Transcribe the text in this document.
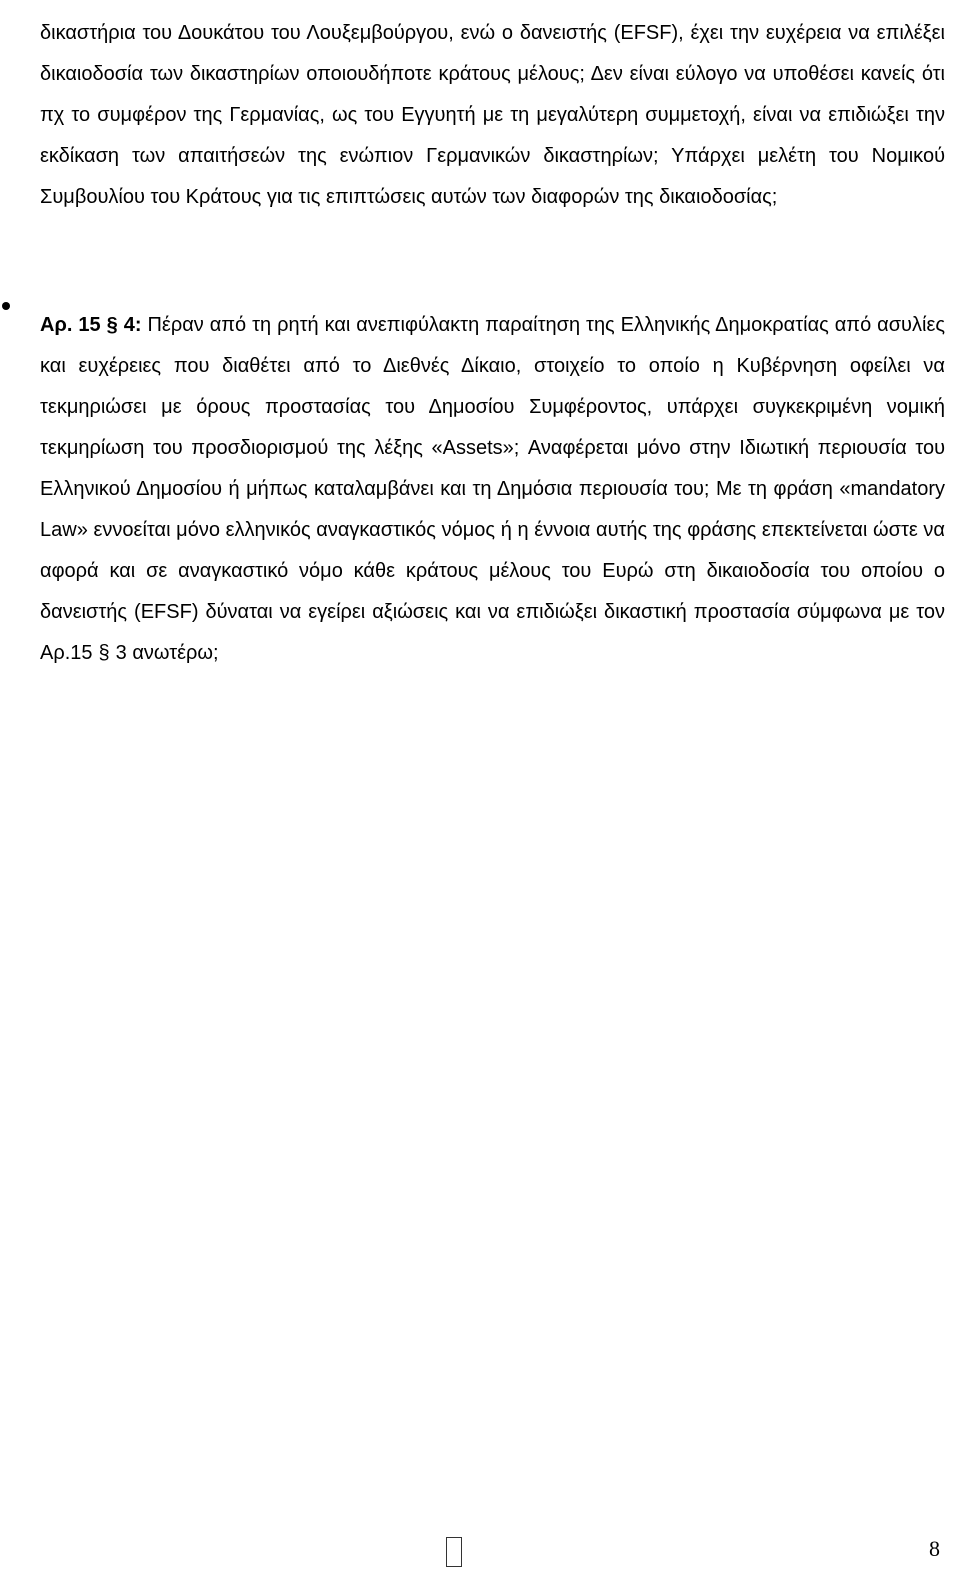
δικαστήρια του Δουκάτου του Λουξεμβούργου, ενώ ο δανειστής (EFSF), έχει την ευχέρεια να επιλέξει δικαιοδοσία των δικαστηρίων οποιουδήποτε κράτους μέλους; Δεν είναι εύλογο να υποθέσει κανείς ότι πχ το συμφέρον της Γερμανίας, ως του Εγγυητή με τη μεγαλύτερη συμμετοχή, είναι να επιδιώξει την εκδίκαση των απαιτήσεών της ενώπιον Γερμανικών δικαστηρίων; Υπάρχει μελέτη του Νομικού Συμβουλίου του Κράτους για τις επιπτώσεις αυτών των διαφορών της δικαιοδοσίας;

Αρ. 15 § 4: Πέραν από τη ρητή και ανεπιφύλακτη παραίτηση της Ελληνικής Δημοκρατίας από ασυλίες και ευχέρειες που διαθέτει από το Διεθνές Δίκαιο, στοιχείο το οποίο η Κυβέρνηση οφείλει να τεκμηριώσει με όρους προστασίας του Δημοσίου Συμφέροντος, υπάρχει συγκεκριμένη νομική τεκμηρίωση του προσδιορισμού της λέξης «Assets»; Αναφέρεται μόνο στην Ιδιωτική περιουσία του Ελληνικού Δημοσίου ή μήπως καταλαμβάνει και τη Δημόσια περιουσία του; Με τη φράση «mandatory Law» εννοείται μόνο ελληνικός αναγκαστικός νόμος ή η έννοια αυτής της φράσης επεκτείνεται ώστε να αφορά και σε αναγκαστικό νόμο κάθε κράτους μέλους του Ευρώ στη δικαιοδοσία του οποίου ο δανειστής (EFSF) δύναται να εγείρει αξιώσεις και να επιδιώξει δικαστική προστασία σύμφωνα με τον Αρ.15 § 3 ανωτέρω;

8
